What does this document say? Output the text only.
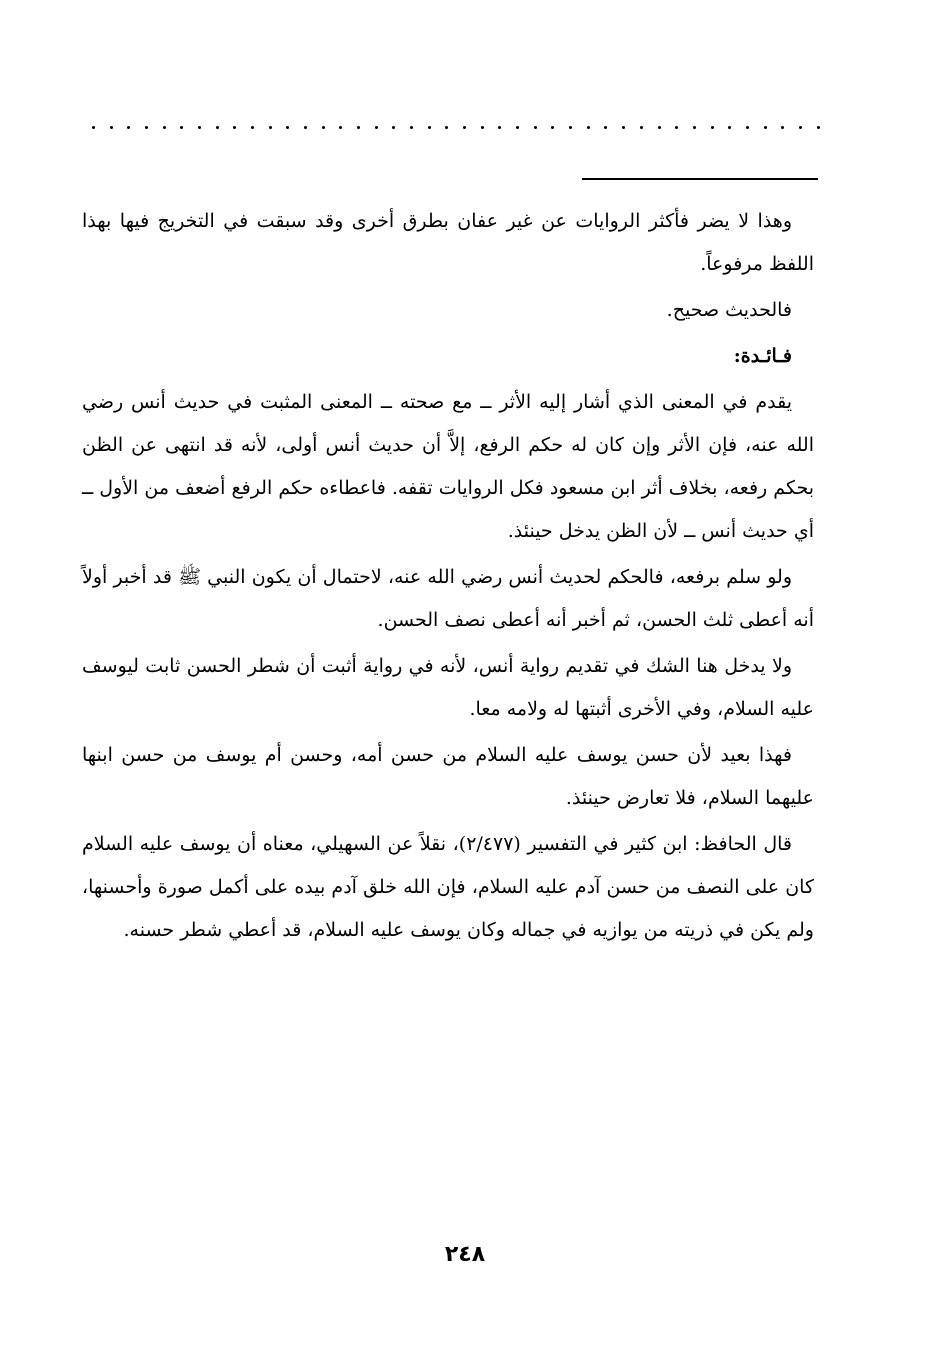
وهذا لا يضر فأكثر الروايات عن غير عفان بطرق أخرى وقد سبقت في التخريج فيها بهذا اللفظ مرفوعاً.

فالحديث صحيح.

فـائـدة:

يقدم في المعنى الذي أشار إليه الأثر ــ مع صحته ــ المعنى المثبت في حديث أنس رضي الله عنه، فإن الأثر وإن كان له حكم الرفع، إلاَّ أن حديث أنس أولى، لأنه قد انتهى عن الظن بحكم رفعه، بخلاف أثر ابن مسعود فكل الروايات تقفه. فاعطاءه حكم الرفع أضعف من الأول ــ أي حديث أنس ــ لأن الظن يدخل حينئذ.

ولو سلم برفعه، فالحكم لحديث أنس رضي الله عنه، لاحتمال أن يكون النبي ﷺ قد أخبر أولاً أنه أعطى ثلث الحسن، ثم أخبر أنه أعطى نصف الحسن.

ولا يدخل هنا الشك في تقديم رواية أنس، لأنه في رواية أثبت أن شطر الحسن ثابت ليوسف عليه السلام، وفي الأخرى أثبتها له ولامه معا.

فهذا بعيد لأن حسن يوسف عليه السلام من حسن أمه، وحسن أم يوسف من حسن ابنها عليهما السلام، فلا تعارض حينئذ.

قال الحافظ: ابن كثير في التفسير (٢/٤٧٧)، نقلاً عن السهيلي، معناه أن يوسف عليه السلام كان على النصف من حسن آدم عليه السلام، فإن الله خلق آدم بيده على أكمل صورة وأحسنها، ولم يكن في ذريته من يوازيه في جماله وكان يوسف عليه السلام، قد أعطي شطر حسنه.

٢٤٨
